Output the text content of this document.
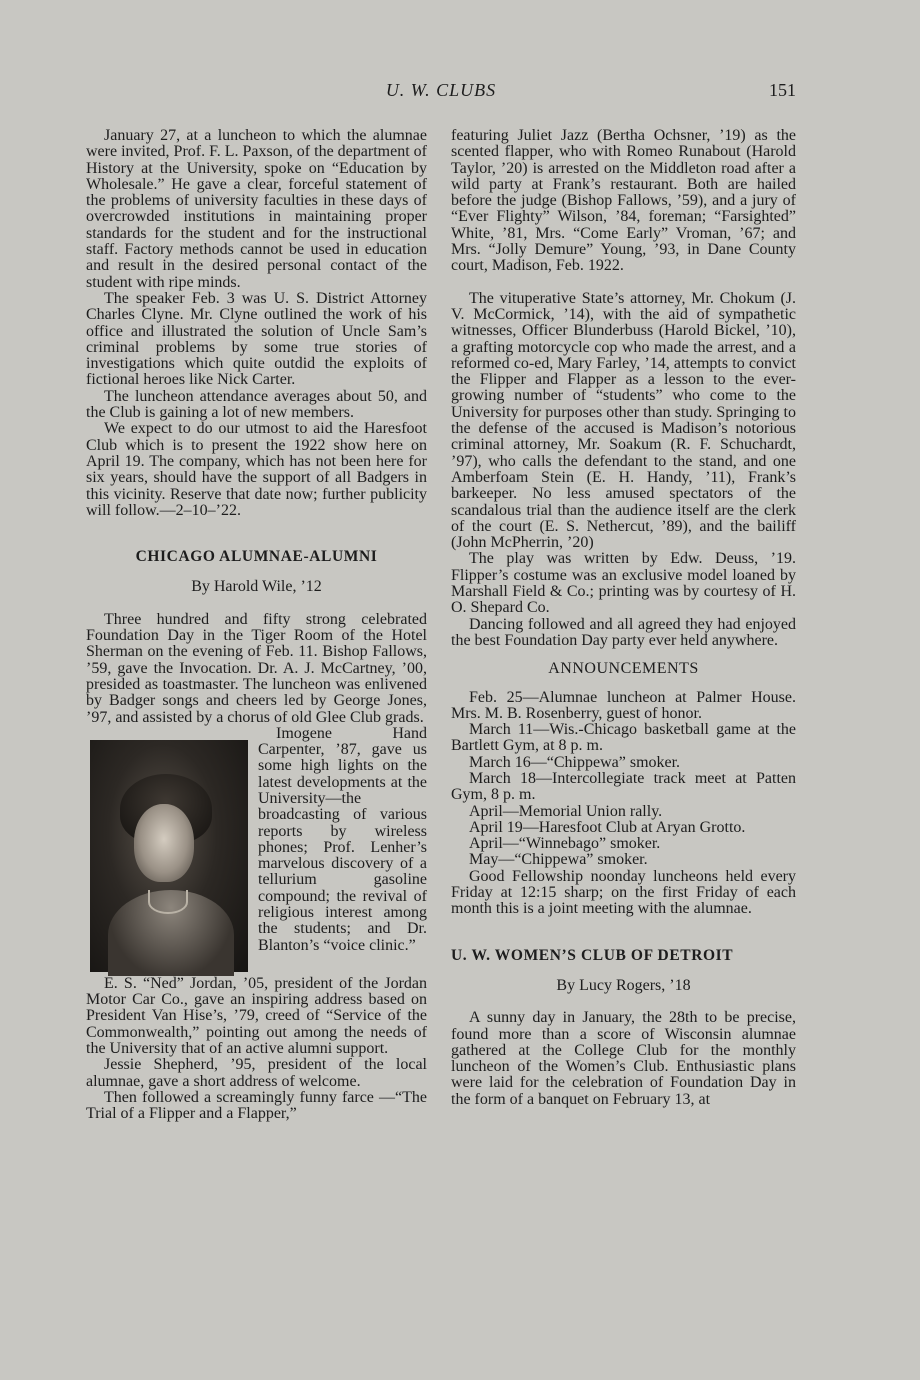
U. W. CLUBS	151

January 27, at a luncheon to which the alumnae were invited, Prof. F. L. Paxson, of the department of History at the University, spoke on “Education by Wholesale.” He gave a clear, forceful statement of the problems of university faculties in these days of overcrowded institutions in maintaining proper standards for the student and for the instructional staff. Factory methods cannot be used in education and result in the desired personal contact of the student with ripe minds.

The speaker Feb. 3 was U. S. District Attorney Charles Clyne. Mr. Clyne outlined the work of his office and illustrated the solution of Uncle Sam’s criminal problems by some true stories of investigations which quite outdid the exploits of fictional heroes like Nick Carter.

The luncheon attendance averages about 50, and the Club is gaining a lot of new members.

We expect to do our utmost to aid the Haresfoot Club which is to present the 1922 show here on April 19. The company, which has not been here for six years, should have the support of all Badgers in this vicinity. Reserve that date now; further publicity will follow.—2–10–’22.

CHICAGO ALUMNAE-ALUMNI
By Harold Wile, ’12

Three hundred and fifty strong celebrated Foundation Day in the Tiger Room of the Hotel Sherman on the evening of Feb. 11. Bishop Fallows, ’59, gave the Invocation. Dr. A. J. McCartney, ’00, presided as toastmaster. The luncheon was enlivened by Badger songs and cheers led by George Jones, ’97, and assisted by a chorus of old Glee Club grads.

Imogene Hand Carpenter, ’87, gave us some high lights on the latest developments at the University—the broadcasting of various reports by wireless phones; Prof. Lenher’s marvelous discovery of a tellurium gasoline compound; the revival of religious interest among the students; and Dr. Blanton’s “voice clinic.”

E. S. “Ned” Jordan, ’05, president of the Jordan Motor Car Co., gave an inspiring address based on President Van Hise’s, ’79, creed of “Service of the Commonwealth,” pointing out among the needs of the University that of an active alumni support.

Jessie Shepherd, ’95, president of the local alumnae, gave a short address of welcome.

Then followed a screamingly funny farce —“The Trial of a Flipper and a Flapper,”

featuring Juliet Jazz (Bertha Ochsner, ’19) as the scented flapper, who with Romeo Runabout (Harold Taylor, ’20) is arrested on the Middleton road after a wild party at Frank’s restaurant. Both are hailed before the judge (Bishop Fallows, ’59), and a jury of “Ever Flighty” Wilson, ’84, foreman; “Farsighted” White, ’81, Mrs. “Come Early” Vroman, ’67; and Mrs. “Jolly Demure” Young, ’93, in Dane County court, Madison, Feb. 1922.

The vituperative State’s attorney, Mr. Chokum (J. V. McCormick, ’14), with the aid of sympathetic witnesses, Officer Blunderbuss (Harold Bickel, ’10), a grafting motorcycle cop who made the arrest, and a reformed co-ed, Mary Farley, ’14, attempts to convict the Flipper and Flapper as a lesson to the ever-growing number of “students” who come to the University for purposes other than study. Springing to the defense of the accused is Madison’s notorious criminal attorney, Mr. Soakum (R. F. Schuchardt, ’97), who calls the defendant to the stand, and one Amberfoam Stein (E. H. Handy, ’11), Frank’s barkeeper. No less amused spectators of the scandalous trial than the audience itself are the clerk of the court (E. S. Nethercut, ’89), and the bailiff (John McPherrin, ’20)

The play was written by Edw. Deuss, ’19. Flipper’s costume was an exclusive model loaned by Marshall Field & Co.; printing was by courtesy of H. O. Shepard Co.

Dancing followed and all agreed they had enjoyed the best Foundation Day party ever held anywhere.

ANNOUNCEMENTS

Feb. 25—Alumnae luncheon at Palmer House. Mrs. M. B. Rosenberry, guest of honor.

March 11—Wis.-Chicago basketball game at the Bartlett Gym, at 8 p. m.

March 16—“Chippewa” smoker.

March 18—Intercollegiate track meet at Patten Gym, 8 p. m.

April—Memorial Union rally.

April 19—Haresfoot Club at Aryan Grotto.

April—“Winnebago” smoker.

May—“Chippewa” smoker.

Good Fellowship noonday luncheons held every Friday at 12:15 sharp; on the first Friday of each month this is a joint meeting with the alumnae.

U. W. WOMEN’S CLUB OF DETROIT
By Lucy Rogers, ’18

A sunny day in January, the 28th to be precise, found more than a score of Wisconsin alumnae gathered at the College Club for the monthly luncheon of the Women’s Club. Enthusiastic plans were laid for the celebration of Foundation Day in the form of a banquet on February 13, at
